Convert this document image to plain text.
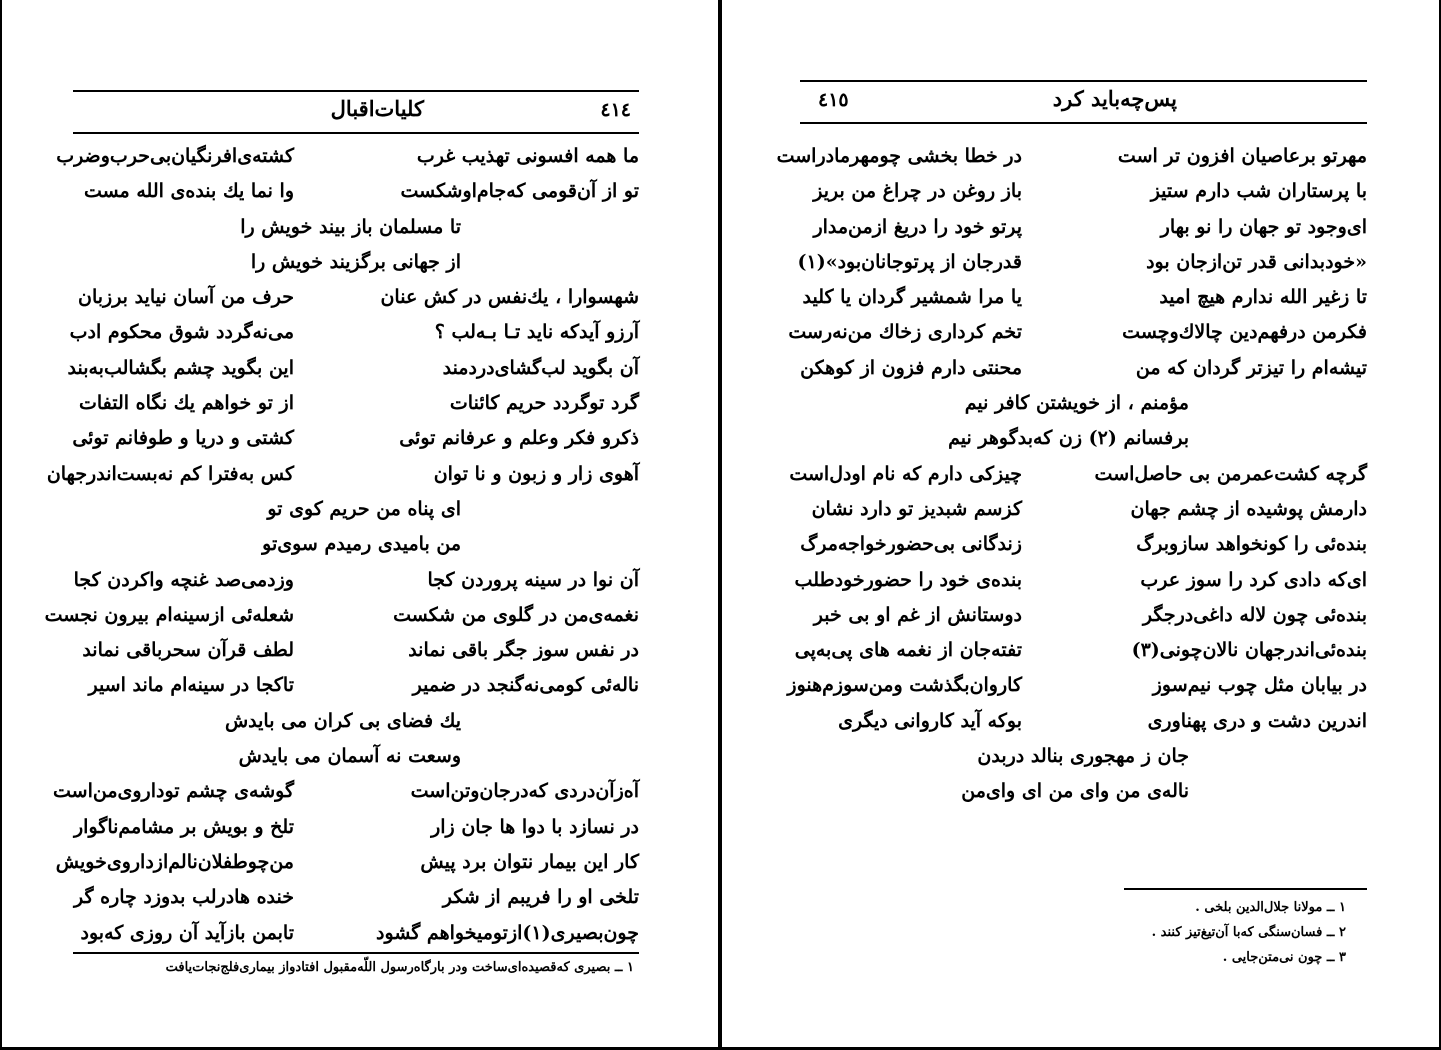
٤١٤
کلیات‌اقبال
ما همه افسونی تهذیب غرب
کشته‌ی‌افرنگیان‌بی‌حرب‌وضرب
تو از آن‌قومی که‌جام‌اوشکست
وا نما یك بنده‌ی الله مست
تا مسلمان باز بیند خویش را
از جهانی برگزیند خویش را
شهسوارا ، یك‌نفس در کش عنان
حرف من آسان نیاید برزبان
آرزو آیدکه ناید تـا بـه‌لب ؟
می‌نه‌گردد شوق محکوم ادب
آن بگوید لب‌گشای‌دردمند
این بگوید چشم بگشالب‌به‌بند
گرد توگردد حریم کائنات
از تو خواهم یك نگاه التفات
ذکرو فکر وعلم و عرفانم توئی
کشتی و دریا و طوفانم توئی
آهوی زار و زبون و نا توان
کس به‌فترا کم نه‌بست‌اندرجهان
ای پناه من حریم کوی تو
من بامیدی رمیدم سوی‌تو
آن نوا در سینه پروردن کجا
وزدمی‌صد غنچه واکردن کجا
نغمه‌ی‌من در گلوی من شکست
شعله‌ئی ازسینه‌ام بیرون نجست
در نفس سوز جگر باقی نماند
لطف قرآن سحرباقی نماند
ناله‌ئی کومی‌نه‌گنجد در ضمیر
تاکجا در سینه‌ام ماند اسیر
یك فضای بی کران می بایدش
وسعت نه آسمان می بایدش
آه‌زآن‌دردی که‌درجان‌وتن‌است
گوشه‌ی چشم تودار‌وی‌من‌است
در نسازد با دوا ها جان زار
تلخ و بویش بر مشامم‌ناگوار
کار این بیمار نتوان برد پیش
من‌چوطفلان‌نالم‌ازداروی‌خویش
تلخی او را فریبم از شکر
خنده هادرلب بدوزد چاره گر
چون‌بصیری(۱)ازتومیخواهم گشود
تابمن بازآید آن روزی که‌بود
۱ ــ بصیری که‌قصیده‌ای‌ساخت ودر بارگاه‌رسول اللّه‌مقبول افتادواز بیماری‌فلج‌نجات‌یافت
٤١٥	پس‌چه‌باید کرد
مهرتو برعاصیان افزون تر است
در خطا بخشی چومهرمادراست
با پرستاران شب دارم ستیز
باز روغن در چراغ من بریز
ای‌وجود تو جهان را نو بهار
پرتو خود را دریغ ازمن‌مدار
«خودبدانی قدر تن‌ازجان بود
قدرجان از پرتوجانان‌بود»(۱)
تا زغیر الله ندارم هیچ امید
یا مرا شمشیر گردان یا کلید
فکرمن درفهم‌دین چالاك‌وچست
تخم کرداری زخاك من‌نه‌رست
تیشه‌ام را تیزتر گردان که من
محنتی دارم فزون از کوهکن
مؤمنم ، از خویشتن کافر نیم
برفسانم (۲) زن که‌بدگوهر نیم
گرچه کشت‌عمرمن بی حاصل‌است
چیزکی دارم که نام اودل‌است
دارمش پوشیده از چشم جهان
کزسم شبدیز تو دارد نشان
بنده‌ئی را کونخواهد سازوبرگ
زندگانی بی‌حضورخواجه‌مرگ
ای‌که دادی کرد را سوز عرب
بنده‌ی خود را حضورخودطلب
بنده‌ئی چون لاله داغی‌درجگر
دوستانش از غم او بی خبر
بنده‌ئی‌اندرجهان نالان‌چونی(۳)
تفته‌جان از نغمه های پی‌به‌پی
در بیابان مثل چوب نیم‌سوز
کاروان‌بگذشت ومن‌سوزم‌هنوز
اندرین دشت و دری پهناوری
بوکه آید کاروانی دیگری
جان ز مهجوری بنالد دربدن
ناله‌ی من وای من ای وای‌من
۱ ــ مولانا جلال‌الدین بلخی .
۲ ــ فسان‌سنگی که‌با آن‌تیغ‌تیز کنند .
۳ ــ چون نی‌متن‌جایی .
